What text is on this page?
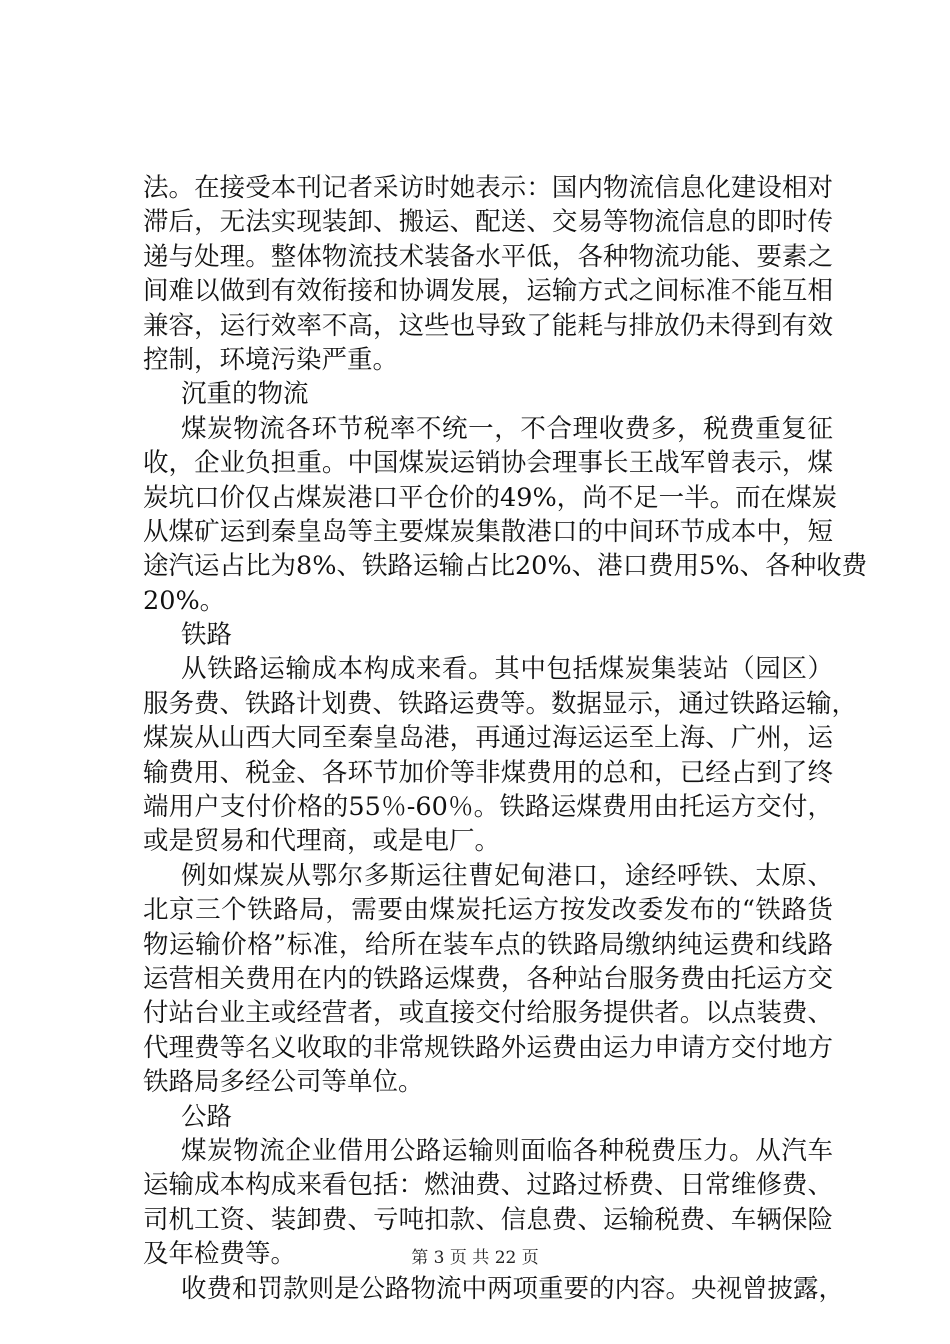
法。在接受本刊记者采访时她表示：国内物流信息化建设相对
滞后，无法实现装卸、搬运、配送、交易等物流信息的即时传
递与处理。整体物流技术装备水平低，各种物流功能、要素之
间难以做到有效衔接和协调发展，运输方式之间标准不能互相
兼容，运行效率不高，这些也导致了能耗与排放仍未得到有效
控制，环境污染严重。
沉重的物流
煤炭物流各环节税率不统一，不合理收费多，税费重复征
收，企业负担重。中国煤炭运销协会理事长王战军曾表示，煤
炭坑口价仅占煤炭港口平仓价的49%，尚不足一半。而在煤炭
从煤矿运到秦皇岛等主要煤炭集散港口的中间环节成本中，短
途汽运占比为8%、铁路运输占比20%、港口费用5%、各种收费
20%。
铁路
从铁路运输成本构成来看。其中包括煤炭集装站（园区）
服务费、铁路计划费、铁路运费等。数据显示，通过铁路运输，
煤炭从山西大同至秦皇岛港，再通过海运运至上海、广州，运
输费用、税金、各环节加价等非煤费用的总和，已经占到了终
端用户支付价格的55％-60％。铁路运煤费用由托运方交付，
或是贸易和代理商，或是电厂。
例如煤炭从鄂尔多斯运往曹妃甸港口，途经呼铁、太原、
北京三个铁路局，需要由煤炭托运方按发改委发布的“铁路货
物运输价格”标准，给所在装车点的铁路局缴纳纯运费和线路
运营相关费用在内的铁路运煤费，各种站台服务费由托运方交
付站台业主或经营者，或直接交付给服务提供者。以点装费、
代理费等名义收取的非常规铁路外运费由运力申请方交付地方
铁路局多经公司等单位。
公路
煤炭物流企业借用公路运输则面临各种税费压力。从汽车
运输成本构成来看包括：燃油费、过路过桥费、日常维修费、
司机工资、装卸费、亏吨扣款、信息费、运输税费、车辆保险
及年检费等。
收费和罚款则是公路物流中两项重要的内容。央视曾披露，
第 3 页 共 22 页
